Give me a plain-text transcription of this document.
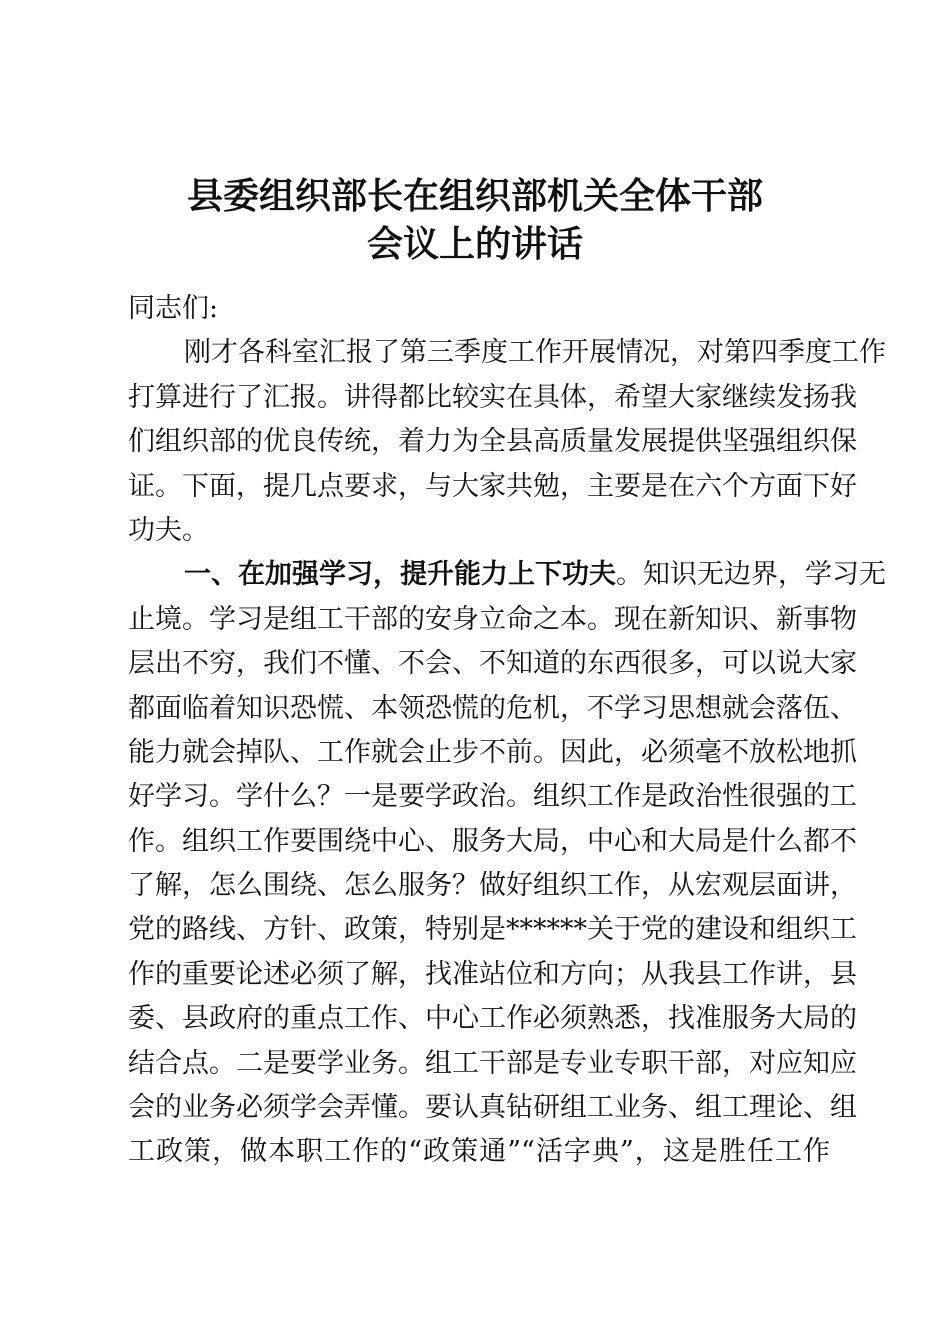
县委组织部长在组织部机关全体干部
会议上的讲话
同志们:
刚才各科室汇报了第三季度工作开展情况，对第四季度工作
打算进行了汇报。讲得都比较实在具体，希望大家继续发扬我
们组织部的优良传统，着力为全县高质量发展提供坚强组织保
证。下面，提几点要求，与大家共勉，主要是在六个方面下好
功夫。
一、在加强学习，提升能力上下功夫。知识无边界，学习无
止境。学习是组工干部的安身立命之本。现在新知识、新事物
层出不穷，我们不懂、不会、不知道的东西很多，可以说大家
都面临着知识恐慌、本领恐慌的危机，不学习思想就会落伍、
能力就会掉队、工作就会止步不前。因此，必须毫不放松地抓
好学习。学什么？一是要学政治。组织工作是政治性很强的工
作。组织工作要围绕中心、服务大局，中心和大局是什么都不
了解，怎么围绕、怎么服务？做好组织工作，从宏观层面讲，
党的路线、方针、政策，特别是******关于党的建设和组织工
作的重要论述必须了解，找准站位和方向；从我县工作讲，县
委、县政府的重点工作、中心工作必须熟悉，找准服务大局的
结合点。二是要学业务。组工干部是专业专职干部，对应知应
会的业务必须学会弄懂。要认真钻研组工业务、组工理论、组
工政策，做本职工作的“政策通”“活字典”，这是胜任工作
